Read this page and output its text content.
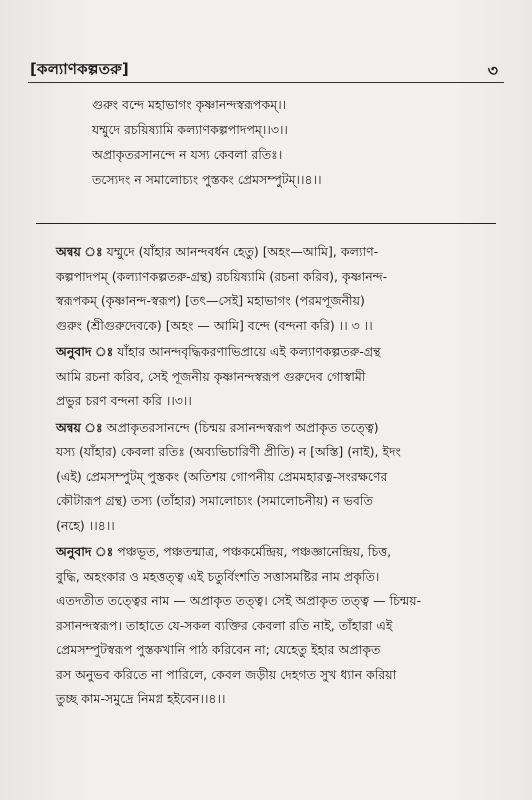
[কল্যাণকল্পতরু]	৩
গুরুং বন্দে মহাভাগং কৃষ্ণানন্দস্বরূপকম্।।
যম্মুদে রচয়িষ্যামি কল্যাণকল্পপাদপম্।।৩।।
অপ্রাকৃতরসানন্দে ন যস্য কেবলা রতিঃ।
তস্যেদং ন সমালোচ্যং পুস্তকং প্রেমসম্পুটম্।।৪।।
অন্বয় ঃ যম্মুদে (যাঁহার আনন্দবর্ধন হেতু) [অহং—আমি], কল্যাণ-
কল্পপাদপম্ (কল্যাণকল্পতরু-গ্রন্থ) রচয়িষ্যামি (রচনা করিব), কৃষ্ণানন্দ-
স্বরূপকম্ (কৃষ্ণানন্দ-স্বরূপ) [তৎ—সেই] মহাভাগং (পরমপূজনীয়)
গুরুং (শ্রীগুরুদেবকে) [অহং — আমি] বন্দে (বন্দনা করি) ।। ৩ ।।
অনুবাদ ঃ যাঁহার আনন্দবৃদ্ধিকরণাভিপ্রায়ে এই কল্যাণকল্পতরু-গ্রন্থ
আমি রচনা করিব, সেই পূজনীয় কৃষ্ণানন্দস্বরূপ গুরুদেব গোস্বামী
প্রভুর চরণ বন্দনা করি ।।৩।।
অন্বয় ঃ অপ্রাকৃতরসানন্দে (চিন্ময় রসানন্দস্বরূপ অপ্রাকৃত তত্ত্বে)
যস্য (যাঁহার) কেবলা রতিঃ (অব্যভিচারিণী প্রীতি) ন [অস্তি] (নাই), ইদং
(এই) প্রেমসম্পুটম্ পুস্তকং (অতিশয় গোপনীয় প্রেমমহারত্ন-সংরক্ষণের
কৌটারূপ গ্রন্থ) তস্য (তাঁহার) সমালোচ্যং (সমালোচনীয়) ন ভবতি
(নহে) ।।৪।।
অনুবাদ ঃ পঞ্চভূত, পঞ্চতন্মাত্র, পঞ্চকর্মেন্দ্রিয়, পঞ্চজ্ঞানেন্দ্রিয়, চিত্ত,
বুদ্ধি, অহংকার ও মহত্তত্ত্ব এই চতুর্বিংশতি সত্তাসমষ্টির নাম প্রকৃতি।
এতদতীত তত্ত্বের নাম — অপ্রাকৃত তত্ত্ব। সেই অপ্রাকৃত তত্ত্ব — চিন্ময়-
রসানন্দস্বরূপ। তাহাতে যে-সকল ব্যক্তির কেবলা রতি নাই, তাঁহারা এই
প্রেমসম্পুটস্বরূপ পুস্তকখানি পাঠ করিবেন না; যেহেতু ইহার অপ্রাকৃত
রস অনুভব করিতে না পারিলে, কেবল জড়ীয় দেহগত সুখ ধ্যান করিয়া
তুচ্ছ কাম-সমুদ্রে নিমগ্ন হইবেন।।৪।।
